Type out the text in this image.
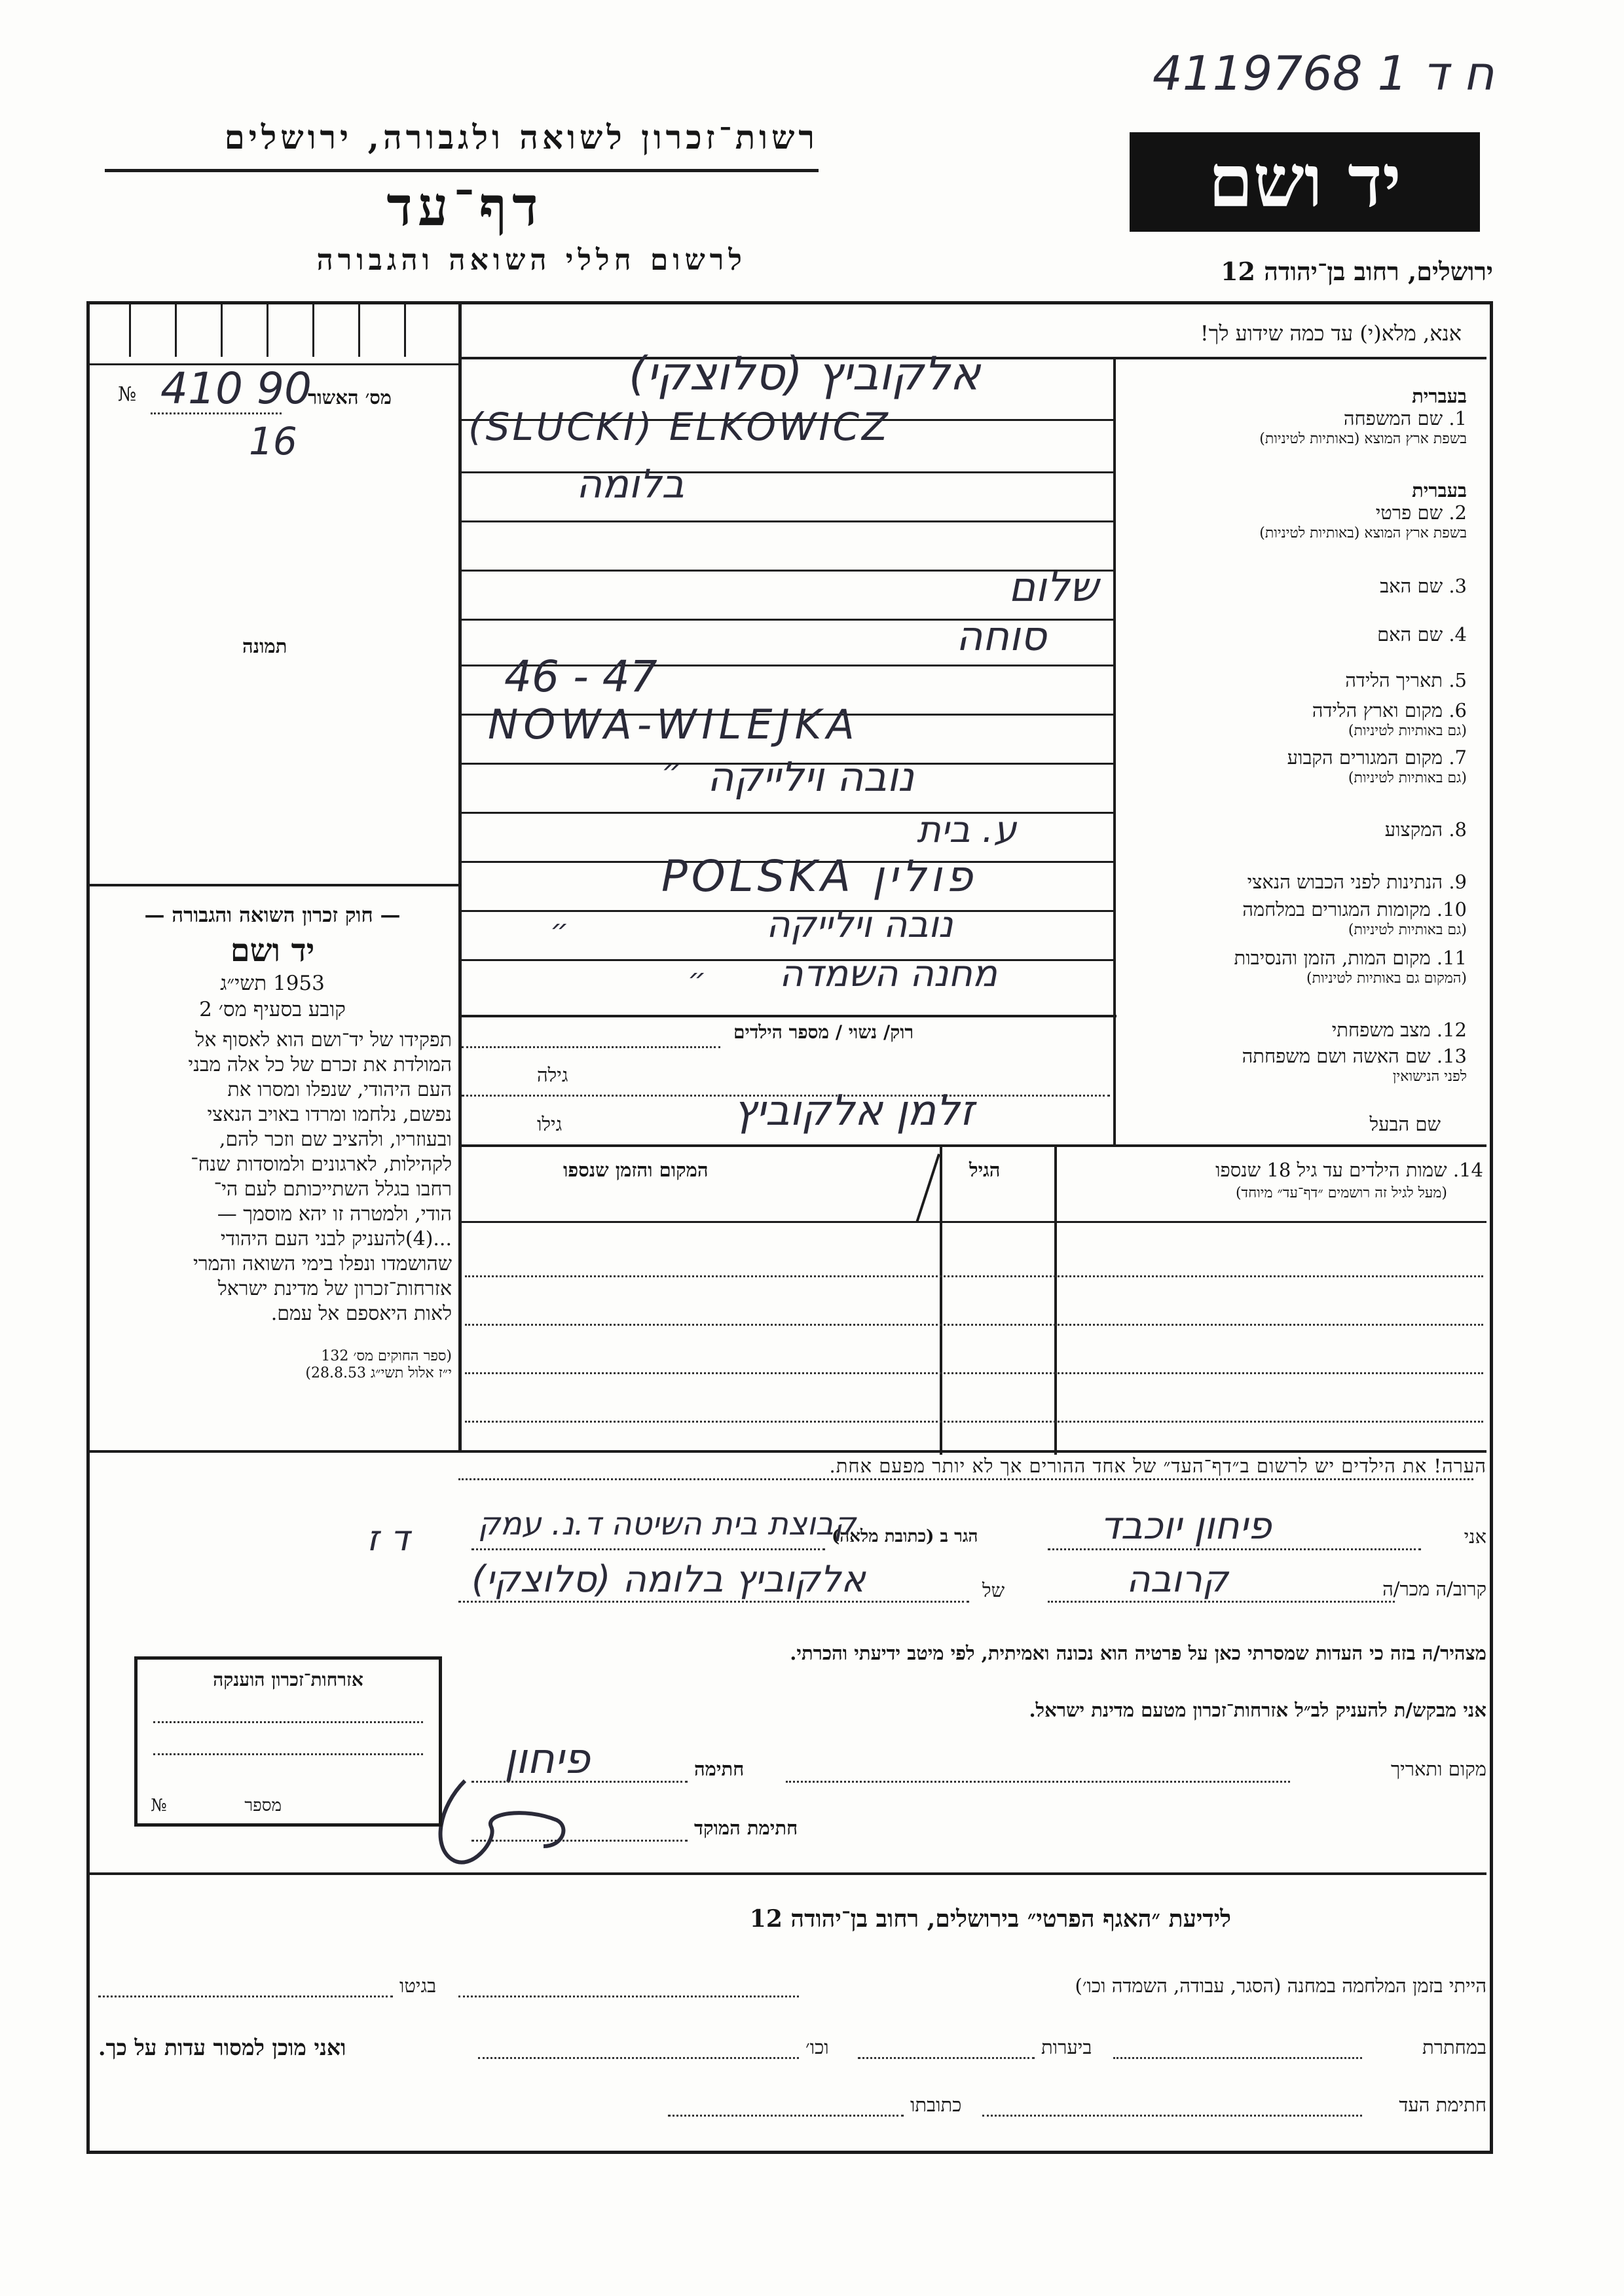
רשות־זכרון לשואה ולגבורה, ירושלים
דף־עד
לרשום חללי השואה והגבורה
4119768 1 ח ד
יד ושם
ירושלים, רחוב בן־יהודה 12
אנא, מלא(י) עד כמה שידוע לך!
№ 410 90
מס׳ האשור
16
תמונה
— חוק זכרון השואה והגבורה —
יד ושם
1953 תשי״ג
קובע בסעיף מס׳ 2
תפקידו של יד־ושם הוא לאסוף אל
המולדת את זכרם של כל אלה מבני
העם היהודי, שנפלו ומסרו את
נפשם, נלחמו ומרדו באויב הנאצי
ובעוזריו, ולהציב שם וזכר להם,
לקהילות, לארגונים ולמוסדות שנח־
רחבו בגלל השתייכותם לעם הי־
הודי, ולמטרה זו יהא מוסמך —
...(4)להעניק לבני העם היהודי
שהושמדו ונפלו בימי השואה והמרי
אזרחות־זכרון של מדינת ישראל
לאות היאספם אל עמם.
(ספר החוקים מס׳ 132
י״ז אלול תשי״ג 28.8.53)
בעברית
1. שם המשפחה
בשפת ארץ המוצא (באותיות לטיניות)
בעברית
2. שם פרטי
בשפת ארץ המוצא (באותיות לטיניות)
3. שם האב
4. שם האם
5. תאריך הלידה
6. מקום וארץ הלידה
(גם באותיות לטיניות)
7. מקום המגורים הקבוע
(גם באותיות לטיניות)
8. המקצוע
9. הנתינות לפני הכבוש הנאצי
10. מקומות המגורים במלחמה
(גם באותיות לטיניות)
11. מקום המות, הזמן והנסיבות
(המקום גם באותיות לטיניות)
12. מצב משפחתי
13. שם האשה ושם משפחתה
לפני הנישואין
שם הבעל
אלקוביץ (סלוצקי)
(SLUCKI) ELKOWICZ
בלומה
שלום
סוחה
46 - 47
NOWA-WILEJKA
נובה וילייקה
״
ע. בית
POLSKA פולין
נובה וילייקה
״
מחנה השמדה
״
רוק/ נשוי / מספר הילדים
גילה
גילו	זלמן אלקוביץ
14. שמות הילדים עד גיל 18 שנספו
(מעל לגיל זה רושמים ״דף־עד״ מיוחד)
הגיל
המקום והזמן שנספו
הערה! את הילדים יש לרשום ב״דף־העד״ של אחד ההורים אך לא יותר מפעם אחת.
אני
פיחון יוכבד
הגר ב (כתובת מלאה)
קבוצת בית השיטה ד.נ. עמק
ד ז
קרוב/ה מכר/ה
קרובה
של
אלקוביץ בלומה (סלוצקי)
מצהיר/ה בזה כי העדות שמסרתי כאן על פרטיה הוא נכונה ואמיתית, לפי מיטב ידיעתי והכרתי.
אני מבקש/ת להעניק לב״ל אזרחות־זכרון מטעם מדינת ישראל.
מקום ותאריך
חתימה
פיחון
חתימת המוקד
אזרחות־זכרון הוענקה
№	מספר
לידיעת ״האגף הפרטי״ בירושלים, רחוב בן־יהודה 12
הייתי בזמן המלחמה במחנה (הסגר, עבודה, השמדה וכו׳)
בגיטו
במחתרת
ביערות
וכו׳
ואני מוכן למסור עדות על כך.
חתימת העד
כתובתו
